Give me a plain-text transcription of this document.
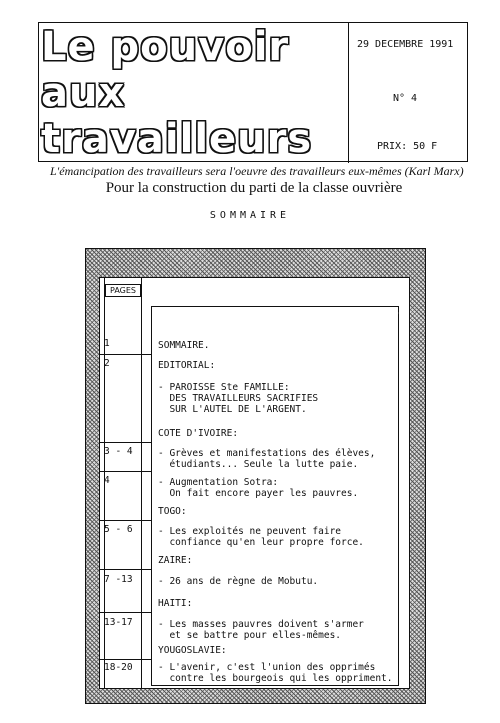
Le pouvoir
aux
travailleurs
29 DECEMBRE 1991
N° 4
PRIX: 50 F
L'émancipation des travailleurs sera l'oeuvre des travailleurs eux-mêmes (Karl Marx)
Pour la construction du parti de la classe ouvrière
SOMMAIRE
PAGES
1	SOMMAIRE.
2	EDITORIAL:
- PAROISSE Ste FAMILLE:
DES TRAVAILLEURS SACRIFIES
SUR L'AUTEL DE L'ARGENT.
COTE D'IVOIRE:
3 - 4	- Grèves et manifestations des élèves,
étudiants... Seule la lutte paie.
4	- Augmentation Sotra:
On fait encore payer les pauvres.
TOGO:
5 - 6	- Les exploités ne peuvent faire
confiance qu'en leur propre force.
ZAIRE:
7 -13	- 26 ans de règne de Mobutu.
HAITI:
13-17	- Les masses pauvres doivent s'armer
et se battre pour elles-mêmes.
YOUGOSLAVIE:
18-20	- L'avenir, c'est l'union des opprimés
contre les bourgeois qui les oppriment.
'
